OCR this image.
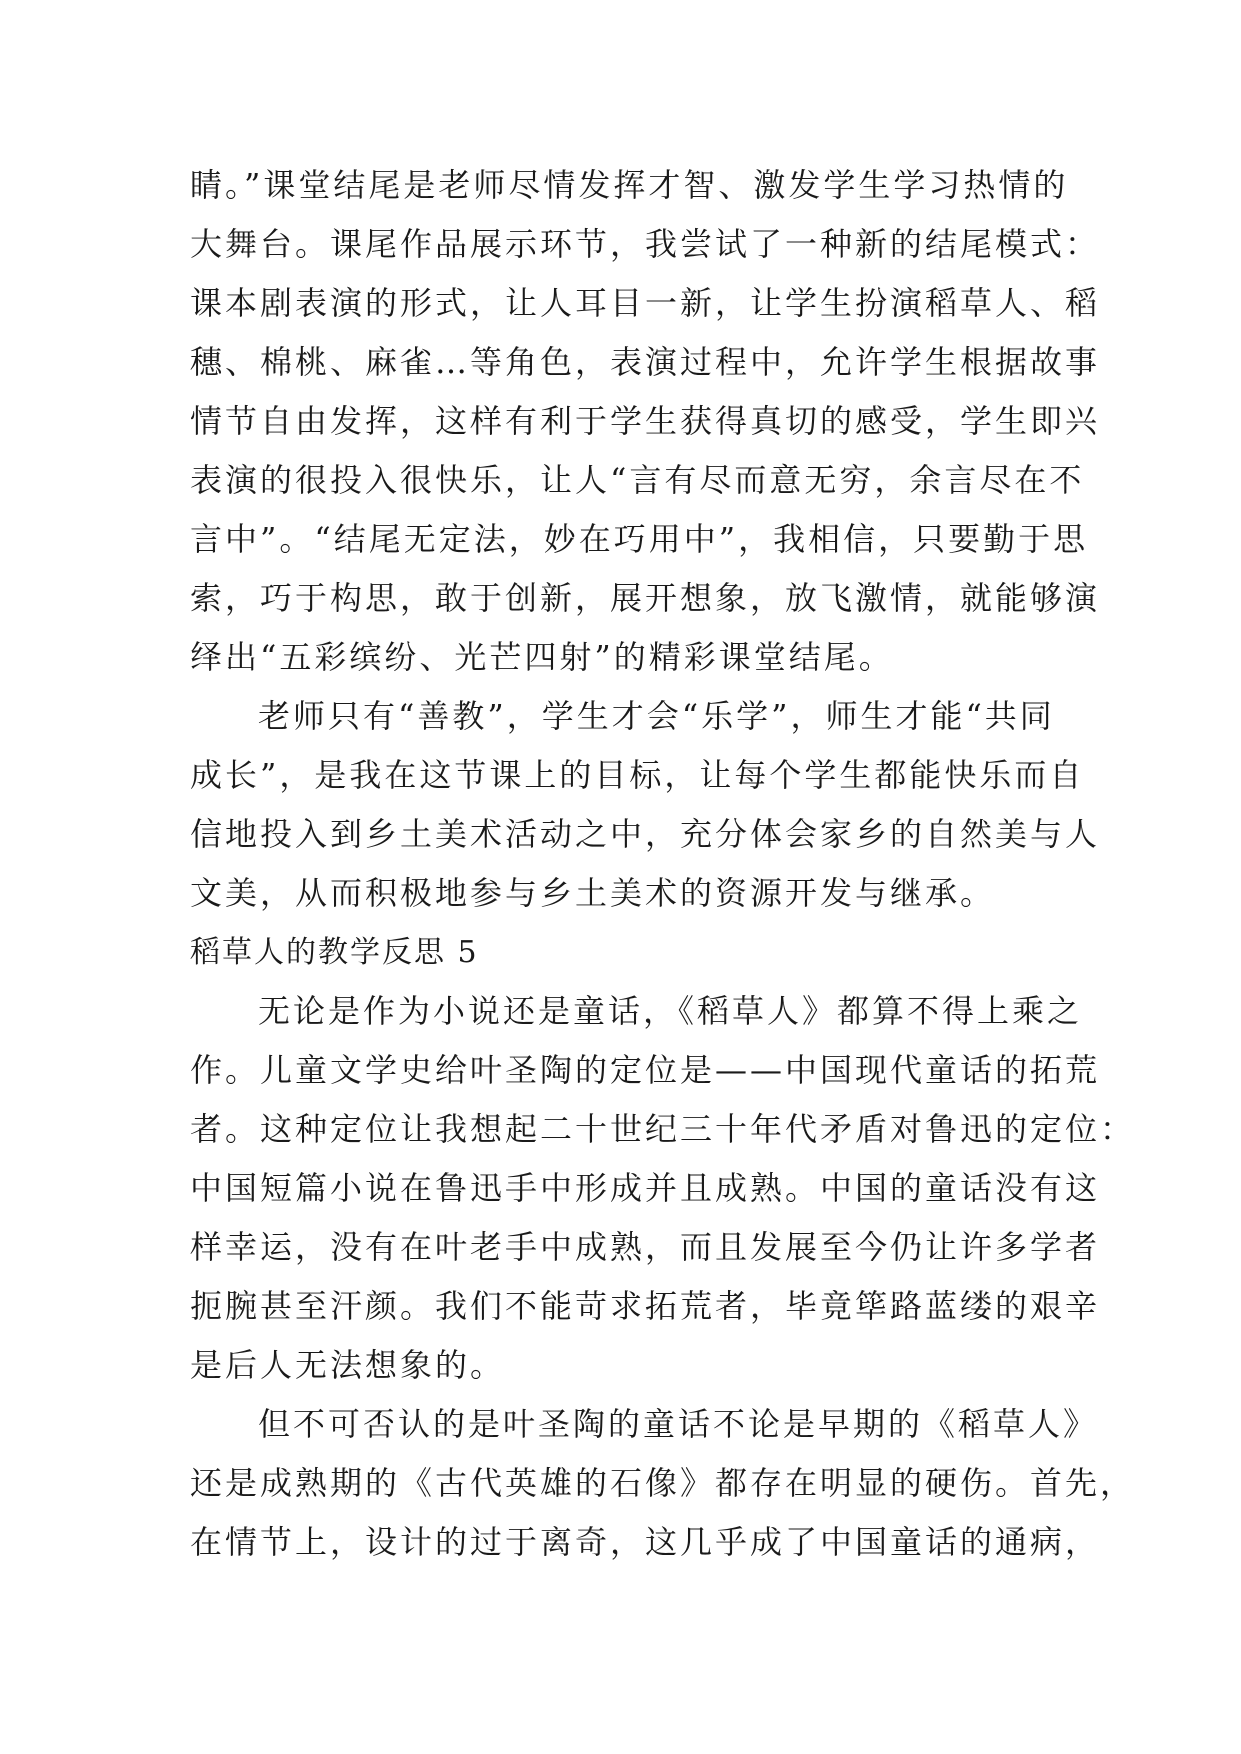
睛。”课堂结尾是老师尽情发挥才智、激发学生学习热情的
大舞台。课尾作品展示环节，我尝试了一种新的结尾模式：
课本剧表演的形式，让人耳目一新，让学生扮演稻草人、稻
穗、棉桃、麻雀…等角色，表演过程中，允许学生根据故事
情节自由发挥，这样有利于学生获得真切的感受，学生即兴
表演的很投入很快乐，让人“言有尽而意无穷，余言尽在不
言中”。“结尾无定法，妙在巧用中”，我相信，只要勤于思
索，巧于构思，敢于创新，展开想象，放飞激情，就能够演
绎出“五彩缤纷、光芒四射”的精彩课堂结尾。
老师只有“善教”，学生才会“乐学”，师生才能“共同
成长”，是我在这节课上的目标，让每个学生都能快乐而自
信地投入到乡土美术活动之中，充分体会家乡的自然美与人
文美，从而积极地参与乡土美术的资源开发与继承。
稻草人的教学反思 5
无论是作为小说还是童话，《稻草人》都算不得上乘之
作。儿童文学史给叶圣陶的定位是——中国现代童话的拓荒
者。这种定位让我想起二十世纪三十年代矛盾对鲁迅的定位：
中国短篇小说在鲁迅手中形成并且成熟。中国的童话没有这
样幸运，没有在叶老手中成熟，而且发展至今仍让许多学者
扼腕甚至汗颜。我们不能苛求拓荒者，毕竟筚路蓝缕的艰辛
是后人无法想象的。
但不可否认的是叶圣陶的童话不论是早期的《稻草人》
还是成熟期的《古代英雄的石像》都存在明显的硬伤。首先，
在情节上，设计的过于离奇，这几乎成了中国童话的通病，
